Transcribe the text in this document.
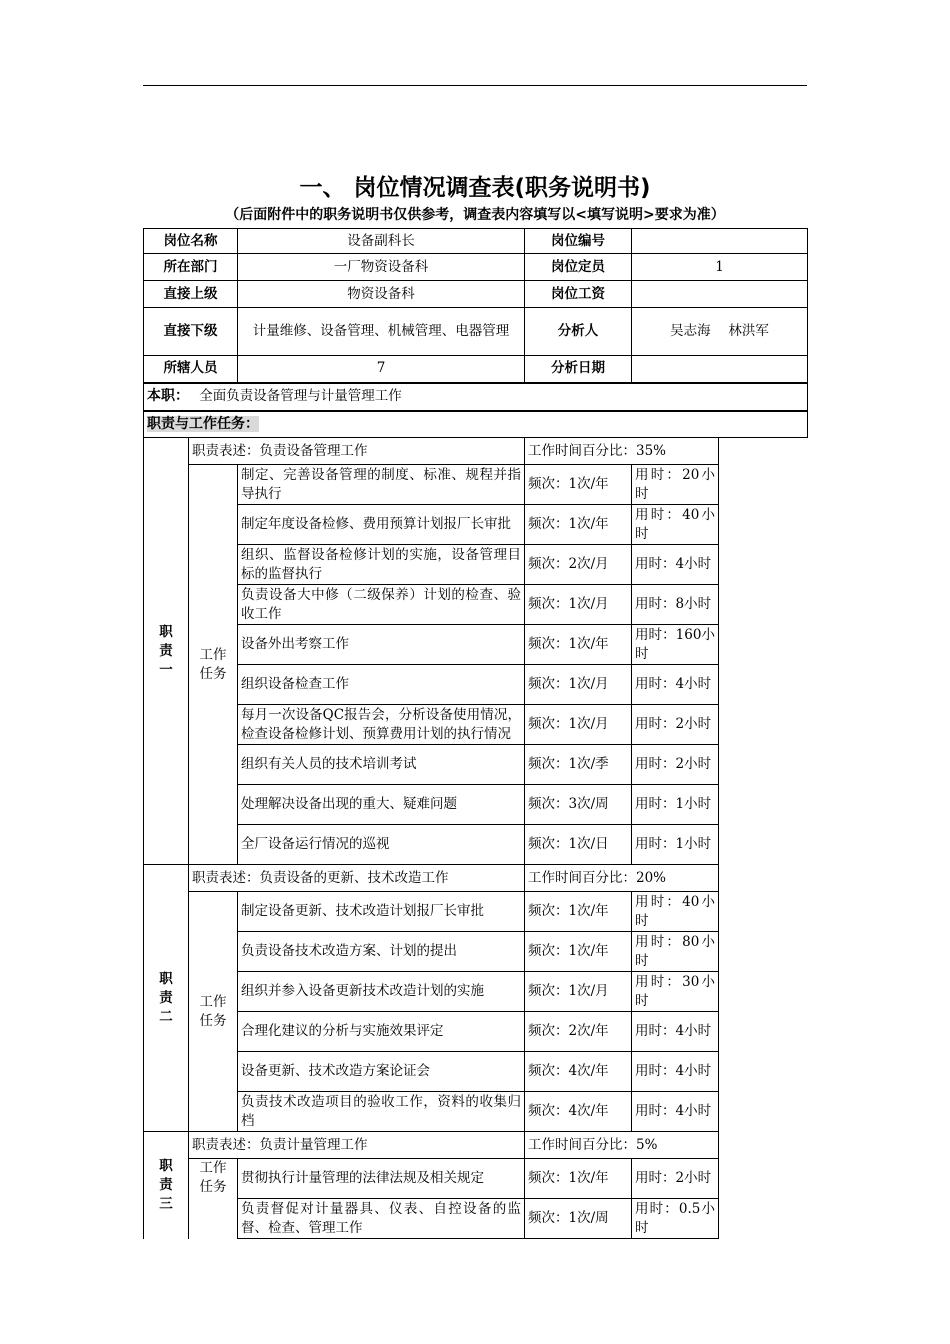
一、 岗位情况调查表(职务说明书)
（后面附件中的职务说明书仅供参考，调查表内容填写以<填写说明>要求为准）
岗位名称		设备副科长	岗位编号	
所在部门		一厂物资设备科	岗位定员	1
直接上级		物资设备科	岗位工资	
直接下级		计量维修、设备管理、机械管理、电器管理	分析人	吴志海　 林洪军
所辖人员		7	分析日期	
本职： 全面负责设备管理与计量管理工作				
职责与工作任务：				

职责一	职责表述：负责设备管理工作		工作时间百分比：35%	

	工作任务	制定、完善设备管理的制度、标准、规程并指导执行	频次：1次/年	用时：20小时
		制定年度设备检修、费用预算计划报厂长审批	频次：1次/年	用时：40小时
		组织、监督设备检修计划的实施，设备管理目标的监督执行	频次：2次/月	用时：4小时
		负责设备大中修（二级保养）计划的检查、验收工作	频次：1次/月	用时：8小时
		设备外出考察工作	频次：1次/年	用时：160小时
		组织设备检查工作	频次：1次/月	用时：4小时
		每月一次设备QC报告会，分析设备使用情况，检查设备检修计划、预算费用计划的执行情况	频次：1次/月	用时：2小时
		组织有关人员的技术培训考试	频次：1次/季	用时：2小时
		处理解决设备出现的重大、疑难问题	频次：3次/周	用时：1小时
		全厂设备运行情况的巡视	频次：1次/日	用时：1小时

职责二	职责表述：负责设备的更新、技术改造工作		工作时间百分比：20%	

	工作任务	制定设备更新、技术改造计划报厂长审批	频次：1次/年	用时：40小时
		负责设备技术改造方案、计划的提出	频次：1次/年	用时：80小时
		组织并参入设备更新技术改造计划的实施	频次：1次/月	用时：30小时
		合理化建议的分析与实施效果评定	频次：2次/年	用时：4小时
		设备更新、技术改造方案论证会	频次：4次/年	用时：4小时
		负责技术改造项目的验收工作，资料的收集归档	频次：4次/年	用时：4小时

职责三	职责表述：负责计量管理工作		工作时间百分比：5%	

	工作任务	贯彻执行计量管理的法律法规及相关规定	频次：1次/年	用时：2小时
		负责督促对计量器具、仪表、自控设备的监督、检查、管理工作	频次：1次/周	用时：0.5小时
